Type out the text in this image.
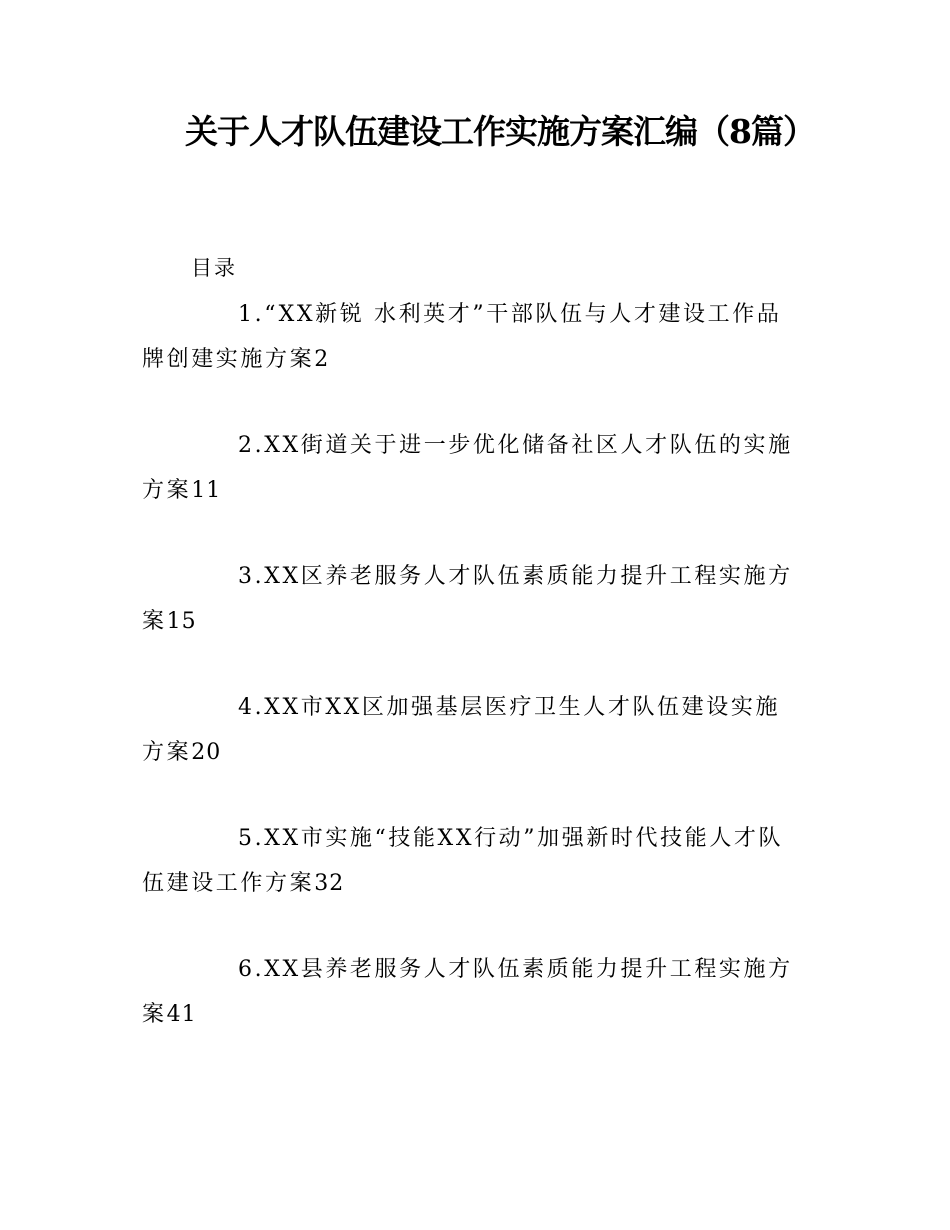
关于人才队伍建设工作实施方案汇编（8篇）
目录
1.“XX新锐 水利英才”干部队伍与人才建设工作品牌创建实施方案2
2.XX街道关于进一步优化储备社区人才队伍的实施方案11
3.XX区养老服务人才队伍素质能力提升工程实施方案15
4.XX市XX区加强基层医疗卫生人才队伍建设实施方案20
5.XX市实施“技能XX行动”加强新时代技能人才队伍建设工作方案32
6.XX县养老服务人才队伍素质能力提升工程实施方案41
